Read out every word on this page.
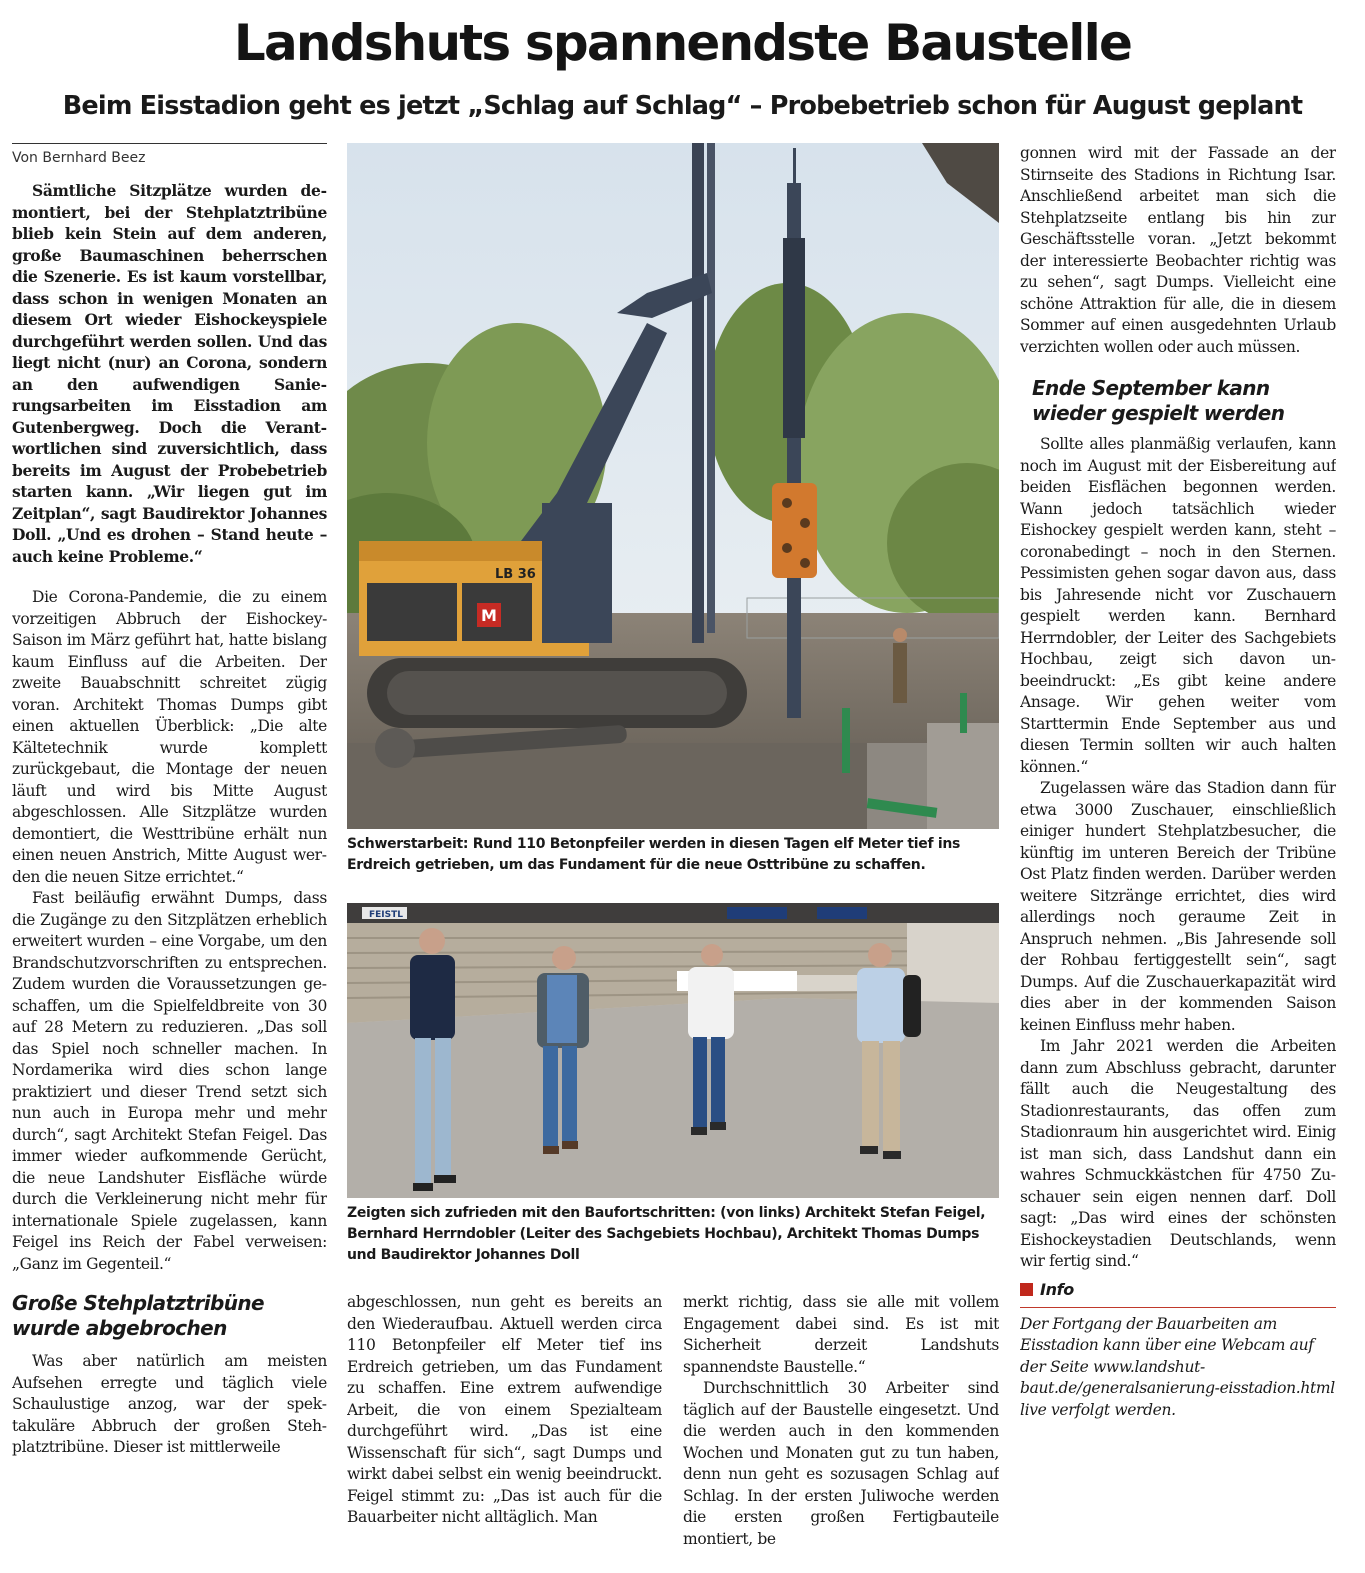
Landshuts spannendste Baustelle
Beim Eisstadion geht es jetzt „Schlag auf Schlag“ – Probebetrieb schon für August geplant
Von Bernhard Beez

Sämtliche Sitzplätze wurden demontiert, bei der Stehplatztribüne blieb kein Stein auf dem anderen, große Baumaschinen beherrschen die Szenerie. Es ist kaum vorstellbar, dass schon in wenigen Monaten an diesem Ort wieder Eishockeyspiele durchgeführt werden sollen. Und das liegt nicht (nur) an Corona, sondern an den aufwendigen Sanierungsarbeiten im Eisstadion am Gutenbergweg. Doch die Verantwortlichen sind zuversichtlich, dass bereits im August der Probebetrieb starten kann. „Wir liegen gut im Zeitplan“, sagt Baudirektor Johannes Doll. „Und es drohen – Stand heute – auch keine Probleme.“

Die Corona-Pandemie, die zu einem vorzeitigen Abbruch der Eishockey-Saison im März geführt hat, hatte bislang kaum Einfluss auf die Arbeiten. Der zweite Bauabschnitt schreitet zügig voran. Architekt Thomas Dumps gibt einen aktuellen Überblick: „Die alte Kältetechnik wurde komplett zurückgebaut, die Montage der neuen läuft und wird bis Mitte August abgeschlossen. Alle Sitzplätze wurden demontiert, die Westtribüne erhält nun einen neuen Anstrich, Mitte August werden die neuen Sitze errichtet.“

Fast beiläufig erwähnt Dumps, dass die Zugänge zu den Sitzplätzen erheblich erweitert wurden – eine Vorgabe, um den Brandschutzvorschriften zu entsprechen. Zudem wurden die Voraussetzungen geschaffen, um die Spielfeldbreite von 30 auf 28 Metern zu reduzieren. „Das soll das Spiel noch schneller machen. In Nordamerika wird dies schon lange praktiziert und dieser Trend setzt sich nun auch in Europa mehr und mehr durch“, sagt Architekt Stefan Feigel. Das immer wieder aufkommende Gerücht, die neue Landshuter Eisfläche würde durch die Verkleinerung nicht mehr für internationale Spiele zugelassen, kann Feigel ins Reich der Fabel verweisen: „Ganz im Gegenteil.“

Große Stehplatztribüne wurde abgebrochen

Was aber natürlich am meisten Aufsehen erregte und täglich viele Schaulustige anzog, war der spektakuläre Abbruch der großen Stehplatztribüne. Dieser ist mittlerweile

M
LB 36
Schwerstarbeit: Rund 110 Betonpfeiler werden in diesen Tagen elf Meter tief ins Erdreich getrieben, um das Fundament für die neue Osttribüne zu schaffen.
FEISTL
Zeigten sich zufrieden mit den Baufortschritten: (von links) Architekt Stefan Feigel, Bernhard Herrndobler (Leiter des Sachgebiets Hochbau), Architekt Thomas Dumps und Baudirektor Johannes Doll

abgeschlossen, nun geht es bereits an den Wiederaufbau. Aktuell werden circa 110 Betonpfeiler elf Meter tief ins Erdreich getrieben, um das Fundament zu schaffen. Eine extrem aufwendige Arbeit, die von einem Spezialteam durchgeführt wird. „Das ist eine Wissenschaft für sich“, sagt Dumps und wirkt dabei selbst ein wenig beeindruckt. Feigel stimmt zu: „Das ist auch für die Bauarbeiter nicht alltäglich. Man

merkt richtig, dass sie alle mit vollem Engagement dabei sind. Es ist mit Sicherheit derzeit Landshuts spannendste Baustelle.“

Durchschnittlich 30 Arbeiter sind täglich auf der Baustelle eingesetzt. Und die werden auch in den kommenden Wochen und Monaten gut zu tun haben, denn nun geht es sozusagen Schlag auf Schlag. In der ersten Juliwoche werden die ersten großen Fertigbauteile montiert, be

gonnen wird mit der Fassade an der Stirnseite des Stadions in Richtung Isar. Anschließend arbeitet man sich die Stehplatzseite entlang bis hin zur Geschäftsstelle voran. „Jetzt bekommt der interessierte Beobachter richtig was zu sehen“, sagt Dumps. Vielleicht eine schöne Attraktion für alle, die in diesem Sommer auf einen ausgedehnten Urlaub verzichten wollen oder auch müssen.

Ende September kann wieder gespielt werden

Sollte alles planmäßig verlaufen, kann noch im August mit der Eisbereitung auf beiden Eisflächen begonnen werden. Wann jedoch tatsächlich wieder Eishockey gespielt werden kann, steht – coronabedingt – noch in den Sternen. Pessimisten gehen sogar davon aus, dass bis Jahresende nicht vor Zuschauern gespielt werden kann. Bernhard Herrndobler, der Leiter des Sachgebiets Hochbau, zeigt sich davon unbeeindruckt: „Es gibt keine andere Ansage. Wir gehen weiter vom Starttermin Ende September aus und diesen Termin sollten wir auch halten können.“

Zugelassen wäre das Stadion dann für etwa 3000 Zuschauer, einschließlich einiger hundert Stehplatzbesucher, die künftig im unteren Bereich der Tribüne Ost Platz finden werden. Darüber werden weitere Sitzränge errichtet, dies wird allerdings noch geraume Zeit in Anspruch nehmen. „Bis Jahresende soll der Rohbau fertiggestellt sein“, sagt Dumps. Auf die Zuschauerkapazität wird dies aber in der kommenden Saison keinen Einfluss mehr haben.

Im Jahr 2021 werden die Arbeiten dann zum Abschluss gebracht, darunter fällt auch die Neugestaltung des Stadionrestaurants, das offen zum Stadionraum hin ausgerichtet wird. Einig ist man sich, dass Landshut dann ein wahres Schmuckkästchen für 4750 Zuschauer sein eigen nennen darf. Doll sagt: „Das wird eines der schönsten Eishockeystadien Deutschlands, wenn wir fertig sind.“

Info

Der Fortgang der Bauarbeiten am Eisstadion kann über eine Webcam auf der Seite www.landshutbaut.de/generalsanierung-eisstadion.html live verfolgt werden.
